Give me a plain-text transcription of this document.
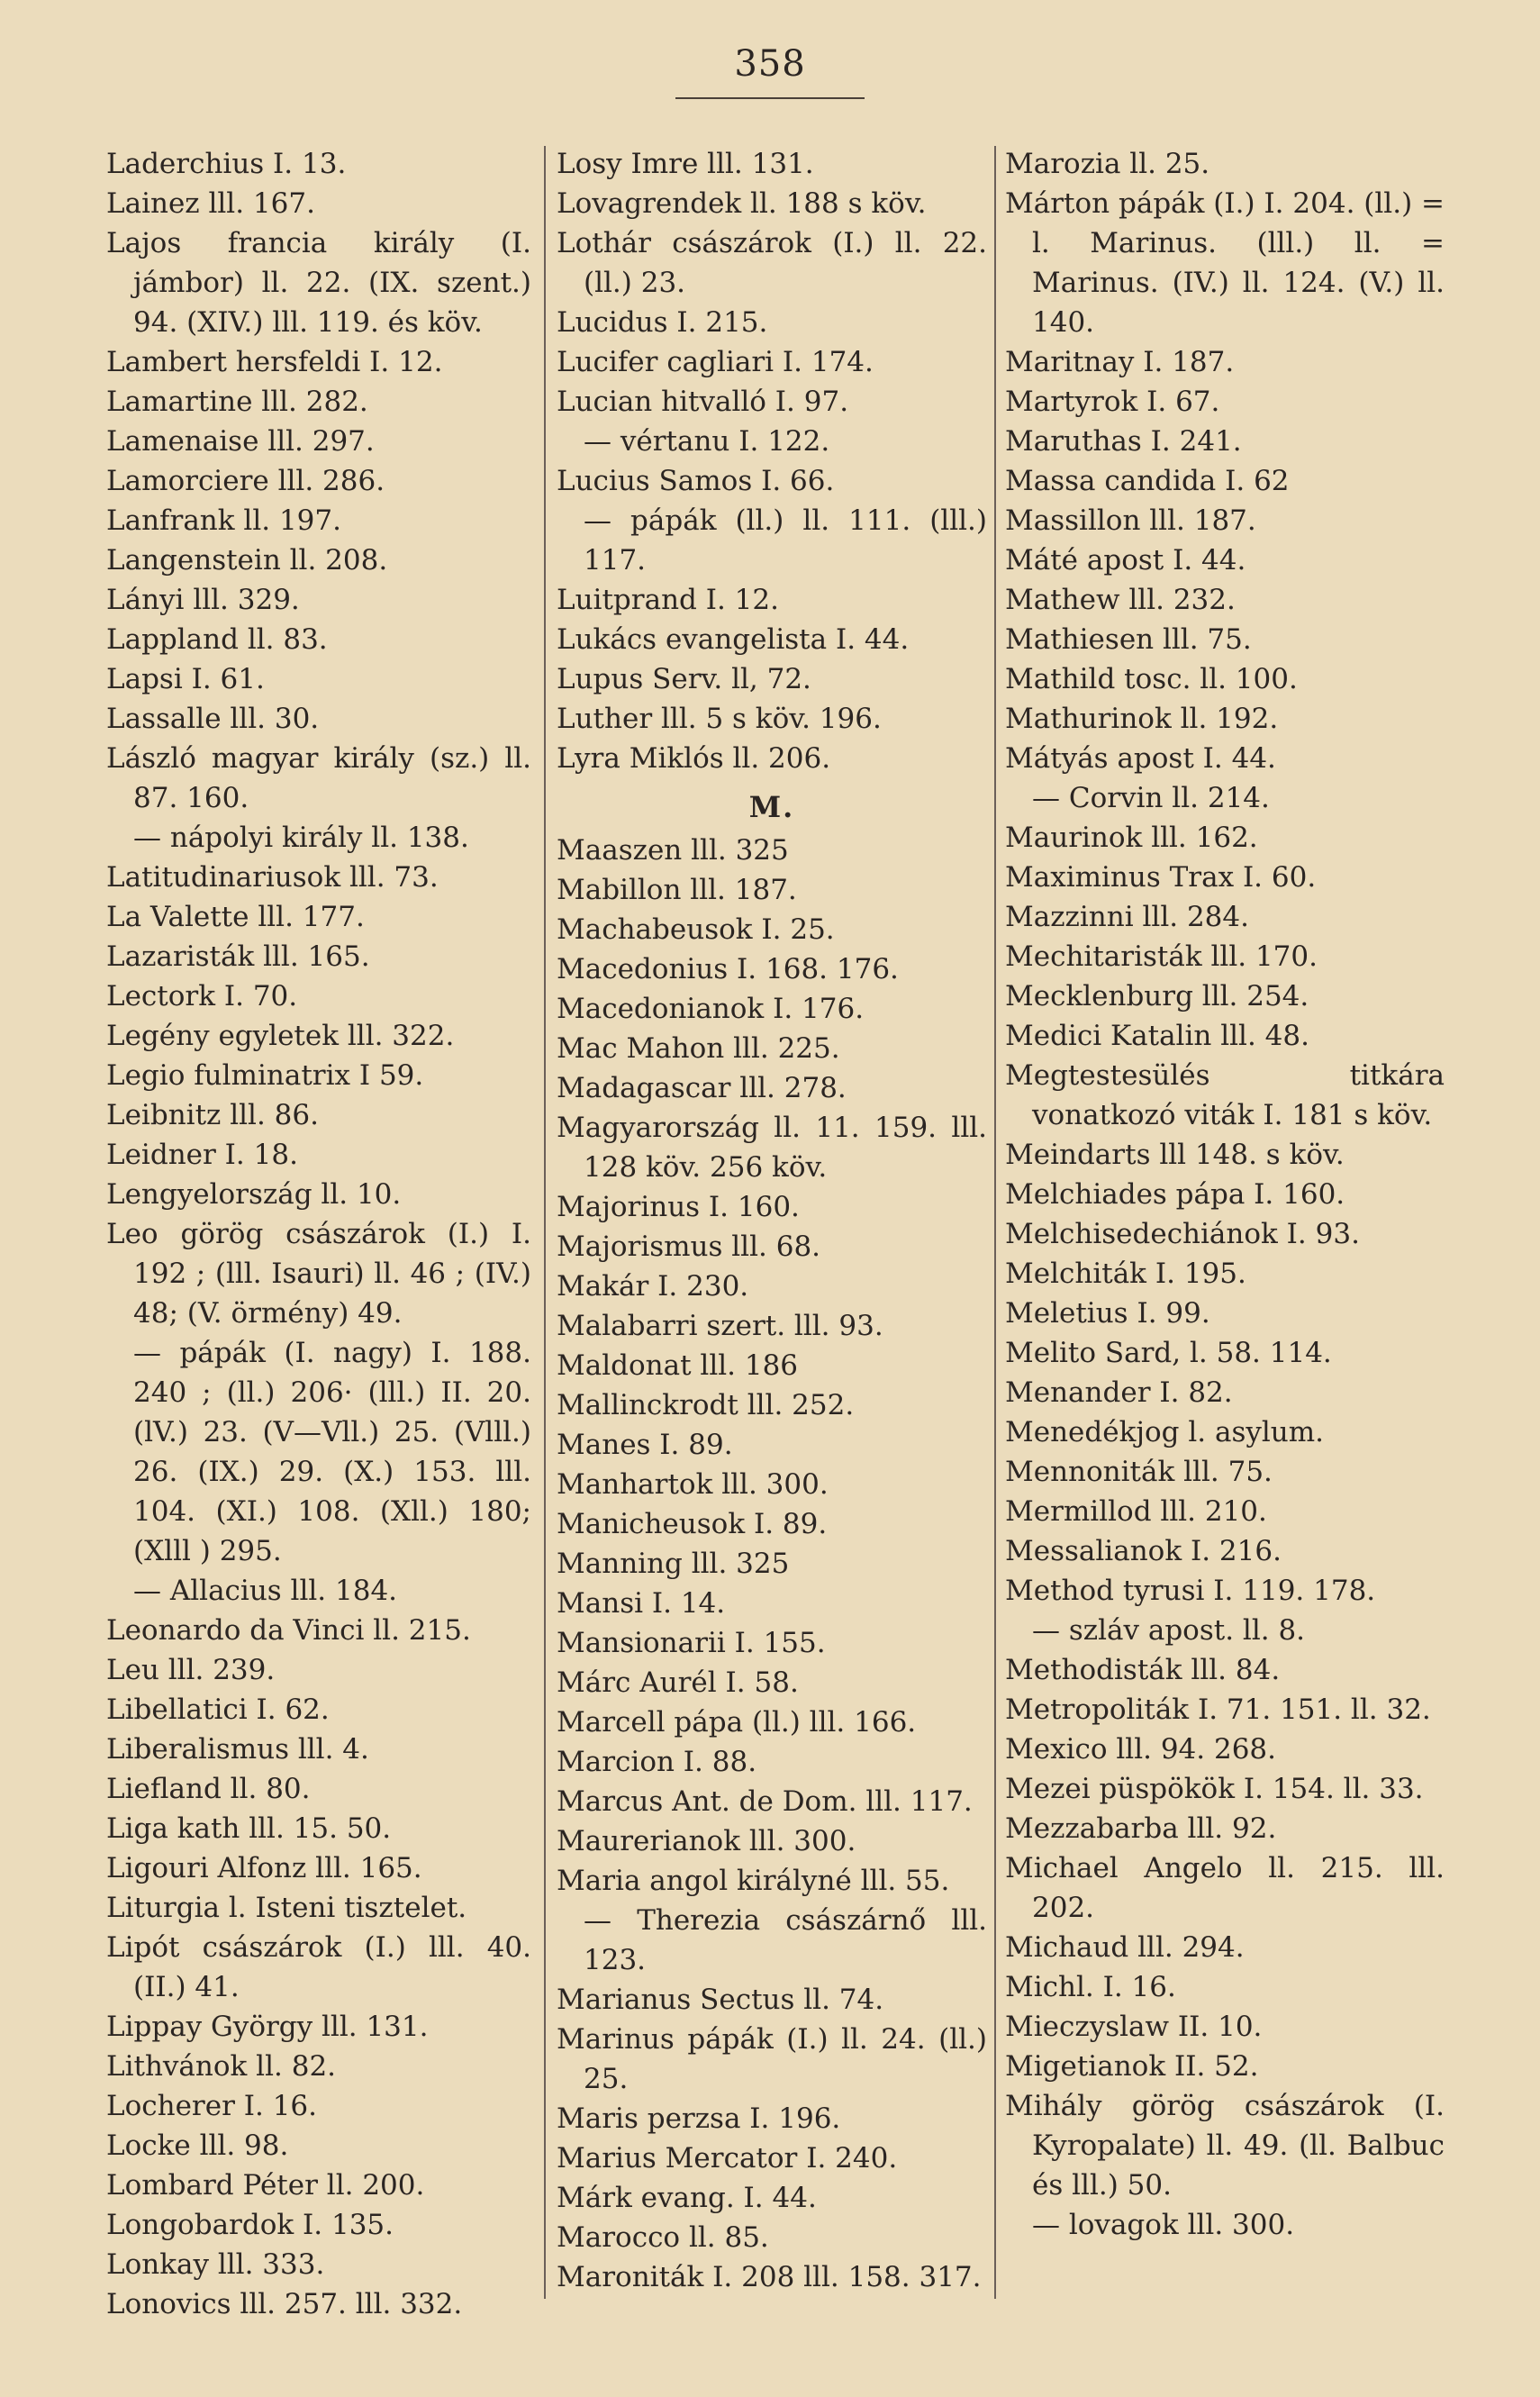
358
Laderchius I. 13.
Lainez lll. 167.
Lajos francia király (I. jámbor) ll. 22. (IX. szent.) 94. (XIV.) lll. 119. és köv.
Lambert hersfeldi I. 12.
Lamartine lll. 282.
Lamenaise lll. 297.
Lamorciere lll. 286.
Lanfrank ll. 197.
Langenstein ll. 208.
Lányi lll. 329.
Lappland ll. 83.
Lapsi I. 61.
Lassalle lll. 30.
László magyar király (sz.) ll. 87. 160.
— nápolyi király ll. 138.
Latitudinariusok lll. 73.
La Valette lll. 177.
Lazaristák lll. 165.
Lectork I. 70.
Legény egyletek lll. 322.
Legio fulminatrix I 59.
Leibnitz lll. 86.
Leidner I. 18.
Lengyelország ll. 10.
Leo görög császárok (I.) I. 192 ; (lll. Isauri) ll. 46 ; (IV.) 48; (V. örmény) 49.
— pápák (I. nagy) I. 188. 240 ; (ll.) 206· (lll.) II. 20. (lV.) 23. (V—Vll.) 25. (Vlll.) 26. (IX.) 29. (X.) 153. lll. 104. (XI.) 108. (Xll.) 180; (Xlll ) 295.
— Allacius lll. 184.
Leonardo da Vinci ll. 215.
Leu lll. 239.
Libellatici I. 62.
Liberalismus lll. 4.
Liefland ll. 80.
Liga kath lll. 15. 50.
Ligouri Alfonz lll. 165.
Liturgia l. Isteni tisztelet.
Lipót császárok (I.) lll. 40. (II.) 41.
Lippay György lll. 131.
Lithvánok ll. 82.
Locherer I. 16.
Locke lll. 98.
Lombard Péter ll. 200.
Longobardok I. 135.
Lonkay lll. 333.
Lonovics lll. 257. lll. 332.
Losy Imre lll. 131.
Lovagrendek ll. 188 s köv.
Lothár császárok (I.) ll. 22. (ll.) 23.
Lucidus I. 215.
Lucifer cagliari I. 174.
Lucian hitvalló I. 97.
— vértanu I. 122.
Lucius Samos I. 66.
— pápák (ll.) ll. 111. (lll.) 117.
Luitprand I. 12.
Lukács evangelista I. 44.
Lupus Serv. ll, 72.
Luther lll. 5 s köv. 196.
Lyra Miklós ll. 206.
M.
Maaszen lll. 325
Mabillon lll. 187.
Machabeusok I. 25.
Macedonius I. 168. 176.
Macedonianok I. 176.
Mac Mahon lll. 225.
Madagascar lll. 278.
Magyarország ll. 11. 159. lll. 128 köv. 256 köv.
Majorinus I. 160.
Majorismus lll. 68.
Makár I. 230.
Malabarri szert. lll. 93.
Maldonat lll. 186
Mallinckrodt lll. 252.
Manes I. 89.
Manhartok lll. 300.
Manicheusok I. 89.
Manning lll. 325
Mansi I. 14.
Mansionarii I. 155.
Márc Aurél I. 58.
Marcell pápa (ll.) lll. 166.
Marcion I. 88.
Marcus Ant. de Dom. lll. 117.
Maurerianok lll. 300.
Maria angol királyné lll. 55.
— Therezia császárnő lll. 123.
Marianus Sectus ll. 74.
Marinus pápák (I.) ll. 24. (ll.) 25.
Maris perzsa I. 196.
Marius Mercator I. 240.
Márk evang. I. 44.
Marocco ll. 85.
Maroniták I. 208 lll. 158. 317.
Marozia ll. 25.
Márton pápák (I.) I. 204. (ll.) = l. Marinus. (lll.) ll. = Marinus. (IV.) ll. 124. (V.) ll. 140.
Maritnay I. 187.
Martyrok I. 67.
Maruthas I. 241.
Massa candida I. 62
Massillon lll. 187.
Máté apost I. 44.
Mathew lll. 232.
Mathiesen lll. 75.
Mathild tosc. ll. 100.
Mathurinok ll. 192.
Mátyás apost I. 44.
— Corvin ll. 214.
Maurinok lll. 162.
Maximinus Trax I. 60.
Mazzinni lll. 284.
Mechitaristák lll. 170.
Mecklenburg lll. 254.
Medici Katalin lll. 48.
Megtestesülés titkára vonatkozó viták I. 181 s köv.
Meindarts lll 148. s köv.
Melchiades pápa I. 160.
Melchisedechiánok I. 93.
Melchiták I. 195.
Meletius I. 99.
Melito Sard, l. 58. 114.
Menander I. 82.
Menedékjog l. asylum.
Mennoniták lll. 75.
Mermillod lll. 210.
Messalianok I. 216.
Method tyrusi I. 119. 178.
— szláv apost. ll. 8.
Methodisták lll. 84.
Metropoliták I. 71. 151. ll. 32.
Mexico lll. 94. 268.
Mezei püspökök I. 154. ll. 33.
Mezzabarba lll. 92.
Michael Angelo ll. 215. lll. 202.
Michaud lll. 294.
Michl. I. 16.
Mieczyslaw II. 10.
Migetianok II. 52.
Mihály görög császárok (I. Kyropalate) ll. 49. (ll. Balbuc és lll.) 50.
— lovagok lll. 300.
